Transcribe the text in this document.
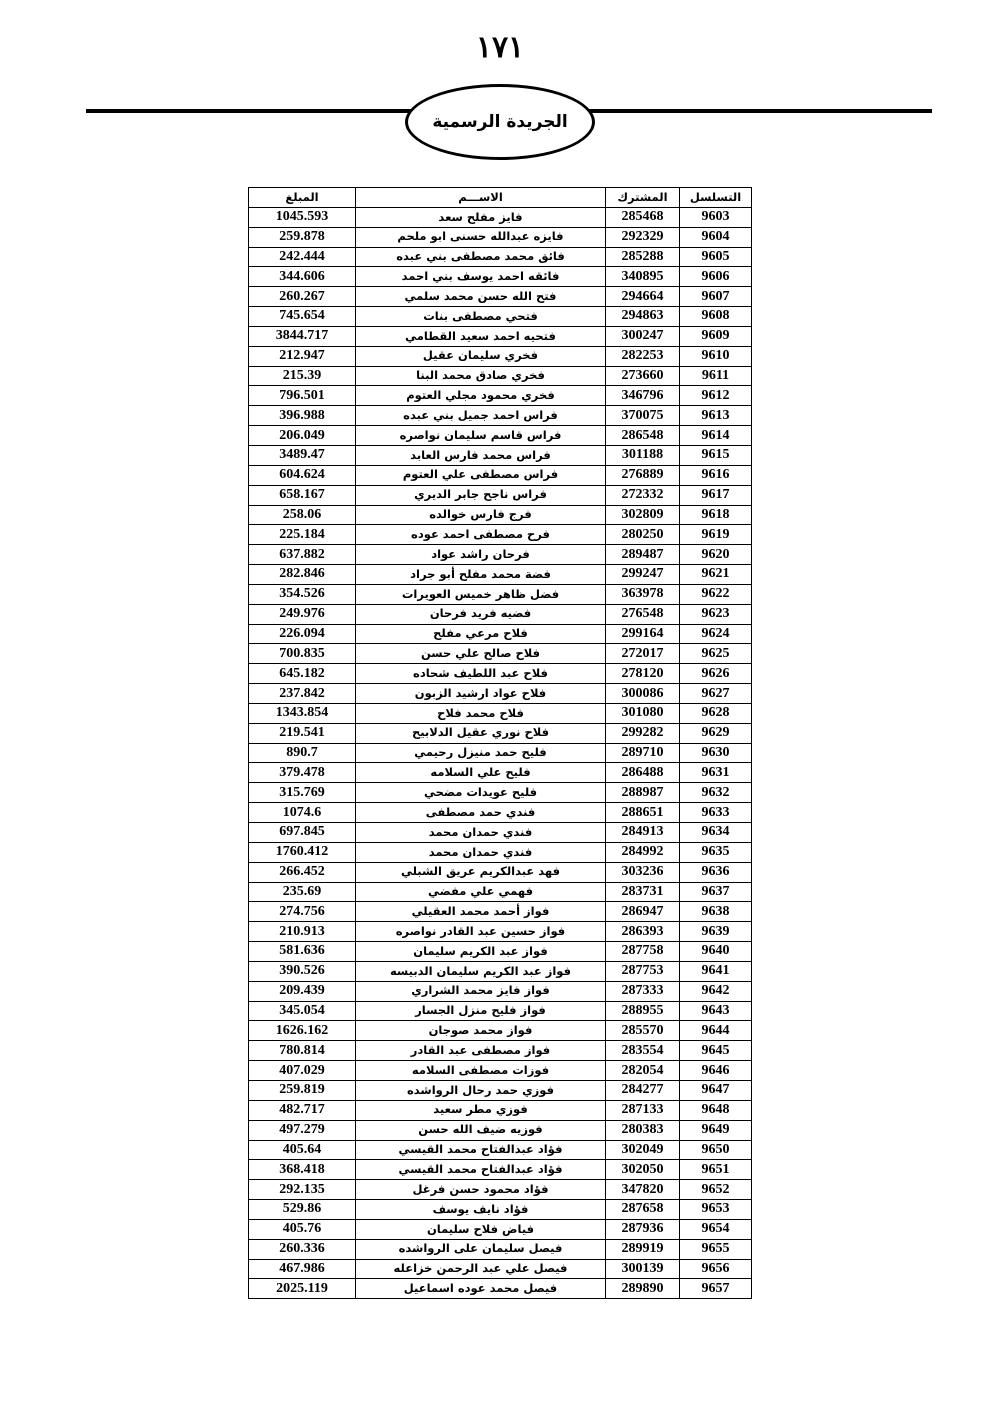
١٧١
الجريدة الرسمية
التسلسل	المشترك	الاســـم	المبلغ
9603	285468	فايز مفلح سعد	1045.593
9604	292329	فايزه عبدالله حسنى ابو ملحم	259.878
9605	285288	فائق محمد مصطفى بني عبده	242.444
9606	340895	فائقه احمد يوسف بني احمد	344.606
9607	294664	فتح الله حسن محمد سلمي	260.267
9608	294863	فتحي مصطفى بنات	745.654
9609	300247	فتحيه احمد سعيد القطامي	3844.717
9610	282253	فخري سليمان عقيل	212.947
9611	273660	فخري صادق محمد البنا	215.39
9612	346796	فخري محمود مجلي العتوم	796.501
9613	370075	فراس احمد جميل بني عبده	396.988
9614	286548	فراس قاسم سليمان نواصره	206.049
9615	301188	فراس محمد فارس العابد	3489.47
9616	276889	فراس مصطفى علي العتوم	604.624
9617	272332	فراس ناجح جابر الديري	658.167
9618	302809	فرج فارس خوالده	258.06
9619	280250	فرح مصطفى احمد عوده	225.184
9620	289487	فرحان راشد عواد	637.882
9621	299247	فضة محمد مفلح أبو جراد	282.846
9622	363978	فضل ظاهر خميس العويرات	354.526
9623	276548	فضيه فريد فرحان	249.976
9624	299164	فلاح مرعي مفلح	226.094
9625	272017	فلاح صالح علي حسن	700.835
9626	278120	فلاح عبد اللطيف شحاده	645.182
9627	300086	فلاح عواد ارشيد الزبون	237.842
9628	301080	فلاح محمد فلاح	1343.854
9629	299282	فلاح نوري عقيل الدلابيح	219.541
9630	289710	فليح حمد منيزل رحيمي	890.7
9631	286488	فليح علي السلامه	379.478
9632	288987	فليح عويدات مضحي	315.769
9633	288651	فندي حمد مصطفى	1074.6
9634	284913	فندي حمدان محمد	697.845
9635	284992	فندي حمدان محمد	1760.412
9636	303236	فهد عبدالكريم عريق الشبلي	266.452
9637	283731	فهمي علي مفضي	235.69
9638	286947	فواز أحمد محمد العقيلي	274.756
9639	286393	فواز حسين عبد القادر نواصره	210.913
9640	287758	فواز عبد الكريم سليمان	581.636
9641	287753	فواز عبد الكريم سليمان الدبيسه	390.526
9642	287333	فواز فايز محمد الشراري	209.439
9643	288955	فواز فليح منزل الجسار	345.054
9644	285570	فواز محمد صوجان	1626.162
9645	283554	فواز مصطفى عبد القادر	780.814
9646	282054	فوزات مصطفى السلامه	407.029
9647	284277	فوزي حمد رحال الرواشده	259.819
9648	287133	فوزي مطر سعيد	482.717
9649	280383	فوزيه ضيف الله حسن	497.279
9650	302049	فؤاد عبدالفتاح محمد القيسي	405.64
9651	302050	فؤاد عبدالفتاح محمد القيسي	368.418
9652	347820	فؤاد محمود حسن فرغل	292.135
9653	287658	فؤاد نايف يوسف	529.86
9654	287936	فياض فلاح سليمان	405.76
9655	289919	فيصل سليمان على الرواشده	260.336
9656	300139	فيصل علي عبد الرحمن خزاعله	467.986
9657	289890	فيصل محمد عوده اسماعيل	2025.119
